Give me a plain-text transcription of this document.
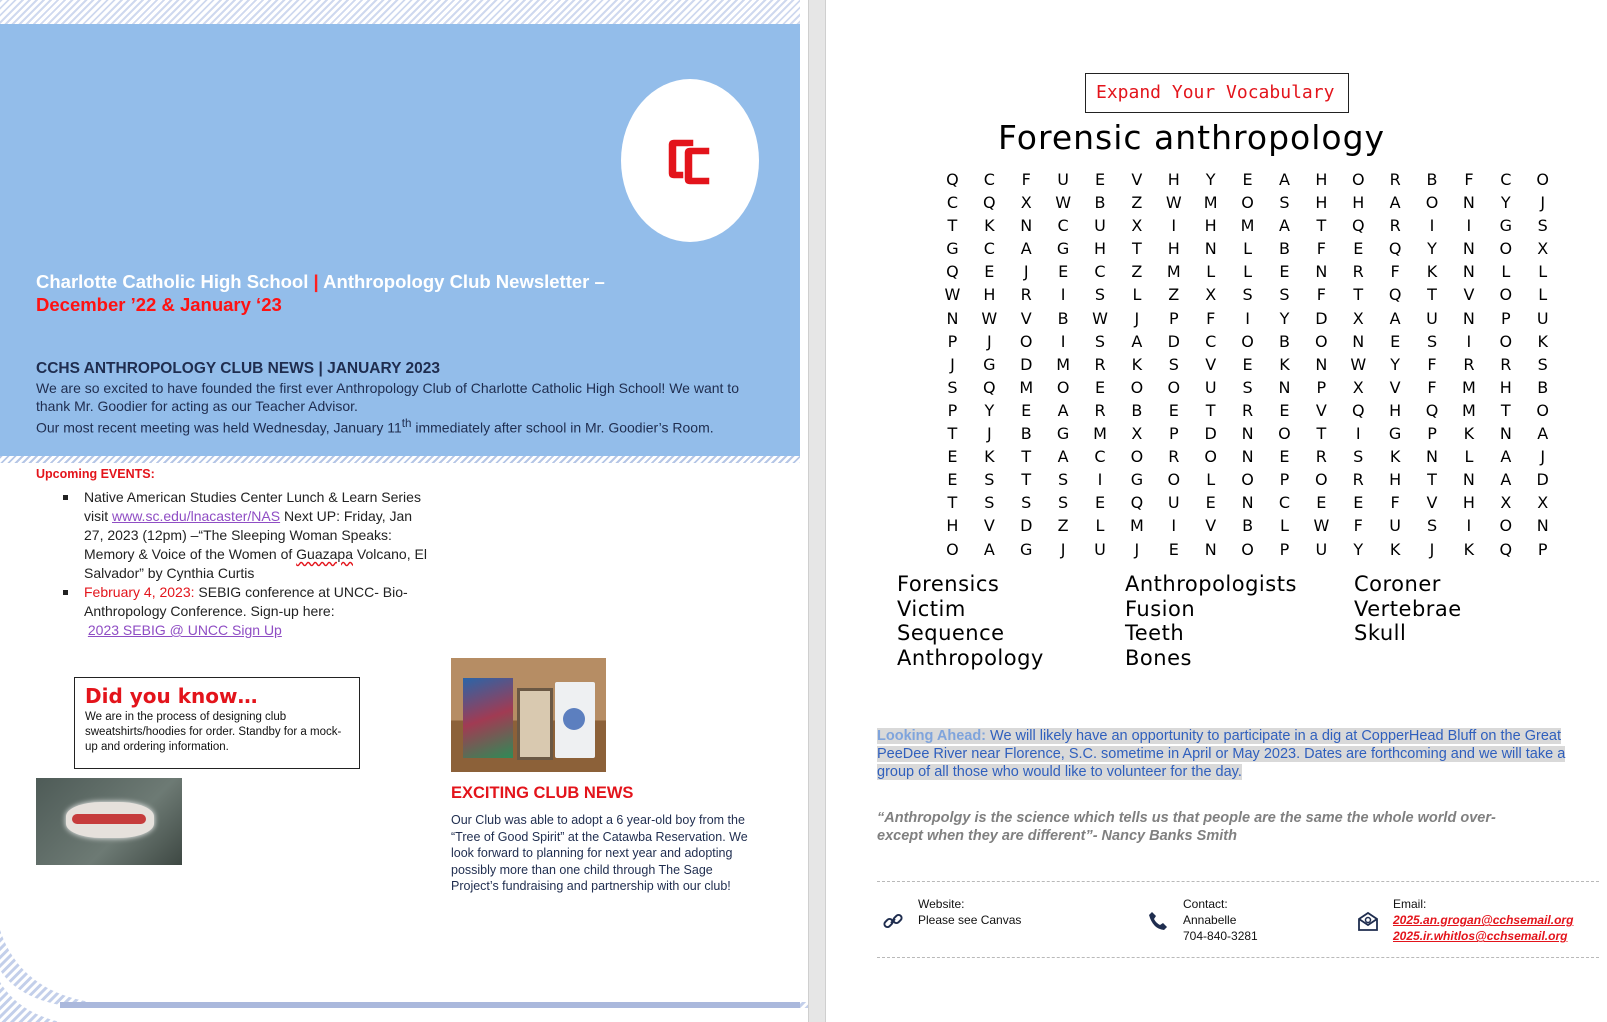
Charlotte Catholic High School | Anthropology Club Newsletter –
December ’22 & January ‘23
CCHS ANTHROPOLOGY CLUB NEWS | JANUARY 2023

We are so excited to have founded the first ever Anthropology Club of Charlotte Catholic High School! We want to thank Mr. Goodier for acting as our Teacher Advisor.

Our most recent meeting was held Wednesday, January 11th immediately after school in Mr. Goodier’s Room.

Upcoming EVENTS:
Native American Studies Center Lunch & Learn Series visit www.sc.edu/lnacaster/NAS Next UP: Friday, Jan 27, 2023 (12pm) –“The Sleeping Woman Speaks: Memory & Voice of the Women of Guazapa Volcano, El Salvador” by Cynthia Curtis
February 4, 2023: SEBIG conference at UNCC- Bio-Anthropology Conference. Sign-up here:
2023 SEBIG @ UNCC Sign Up
Did you know…

We are in the process of designing club sweatshirts/hoodies for order. Standby for a mock-up and ordering information.

EXCITING CLUB NEWS
Our Club was able to adopt a 6 year-old boy from the “Tree of Good Spirit” at the Catawba Reservation. We look forward to planning for next year and adopting possibly more than one child through The Sage Project’s fundraising and partnership with our club!
Expand Your Vocabulary
Forensic anthropology
Q	C	F	U	E	V	H	Y	E	A	H	O	R	B	F	C	O
C	Q	X	W	B	Z	W	M	O	S	H	H	A	O	N	Y	J
T	K	N	C	U	X	I	H	M	A	T	Q	R	I	I	G	S
G	C	A	G	H	T	H	N	L	B	F	E	Q	Y	N	O	X
Q	E	J	E	C	Z	M	L	L	E	N	R	F	K	N	L	L
W	H	R	I	S	L	Z	X	S	S	F	T	Q	T	V	O	L
N	W	V	B	W	J	P	F	I	Y	D	X	A	U	N	P	U
P	J	O	I	S	A	D	C	O	B	O	N	E	S	I	O	K
J	G	D	M	R	K	S	V	E	K	N	W	Y	F	R	R	S
S	Q	M	O	E	O	O	U	S	N	P	X	V	F	M	H	B
P	Y	E	A	R	B	E	T	R	E	V	Q	H	Q	M	T	O
T	J	B	G	M	X	P	D	N	O	T	I	G	P	K	N	A
E	K	T	A	C	O	R	O	N	E	R	S	K	N	L	A	J
E	S	T	S	I	G	O	L	O	P	O	R	H	T	N	A	D
T	S	S	S	E	Q	U	E	N	C	E	E	F	V	H	X	X
H	V	D	Z	L	M	I	V	B	L	W	F	U	S	I	O	N
O	A	G	J	U	J	E	N	O	P	U	Y	K	J	K	Q	P
Forensics
Victim
Sequence
Anthropology
Anthropologists
Fusion
Teeth
Bones
Coroner
Vertebrae
Skull
Looking Ahead: We will likely have an opportunity to participate in a dig at CopperHead Bluff on the Great PeeDee River near Florence, S.C. sometime in April or May 2023. Dates are forthcoming and we will take a group of all those who would like to volunteer for the day.
“Anthropolgy is the science which tells us that people are the same the whole world over-except when they are different”- Nancy Banks Smith
Website:
Please see Canvas
Contact:
Annabelle
704-840-3281
Email:
2025.an.grogan@cchsemail.org
2025.ir.whitlos@cchsemail.org
